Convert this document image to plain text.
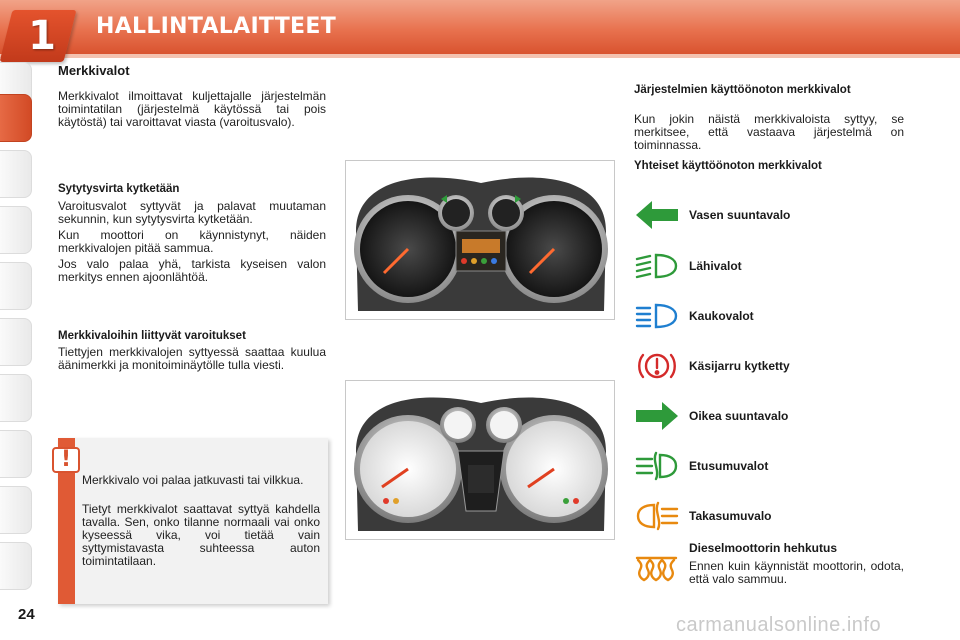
1 HALLINTALAITTEET
Merkkivalot
Merkkivalot ilmoittavat kuljettajalle järjestelmän toimintatilan (järjestelmä käytössä tai pois käytöstä) tai varoittavat viasta (varoitusvalo).
Sytytysvirta kytketään
Varoitusvalot syttyvät ja palavat muutaman sekunnin, kun sytytysvirta kytketään.
Kun moottori on käynnistynyt, näiden merkkivalojen pitää sammua.
Jos valo palaa yhä, tarkista kyseisen valon merkitys ennen ajoonlähtöä.
Merkkivaloihin liittyvät varoitukset
Tiettyjen merkkivalojen syttyessä saattaa kuulua äänimerkki ja monitoiminäytölle tulla viesti.
!
Merkkivalo voi palaa jatkuvasti tai vilkkua.
Tietyt merkkivalot saattavat syttyä kahdella tavalla. Sen, onko tilanne normaali vai onko kyseessä vika, voi tietää vain syttymistavasta suhteessa auton toimintatilaan.
Järjestelmien käyttöönoton merkkivalot
Kun jokin näistä merkkivaloista syttyy, se merkitsee, että vastaava järjestelmä on toiminnassa.
Yhteiset käyttöönoton merkkivalot
Vasen suuntavalo
Lähivalot
Kaukovalot
Käsijarru kytketty
Oikea suuntavalo
Etusumuvalot
Takasumuvalo
Dieselmoottorin hehkutus
Ennen kuin käynnistät moottorin, odota, että valo sammuu.
24	carmanualsonline.info
